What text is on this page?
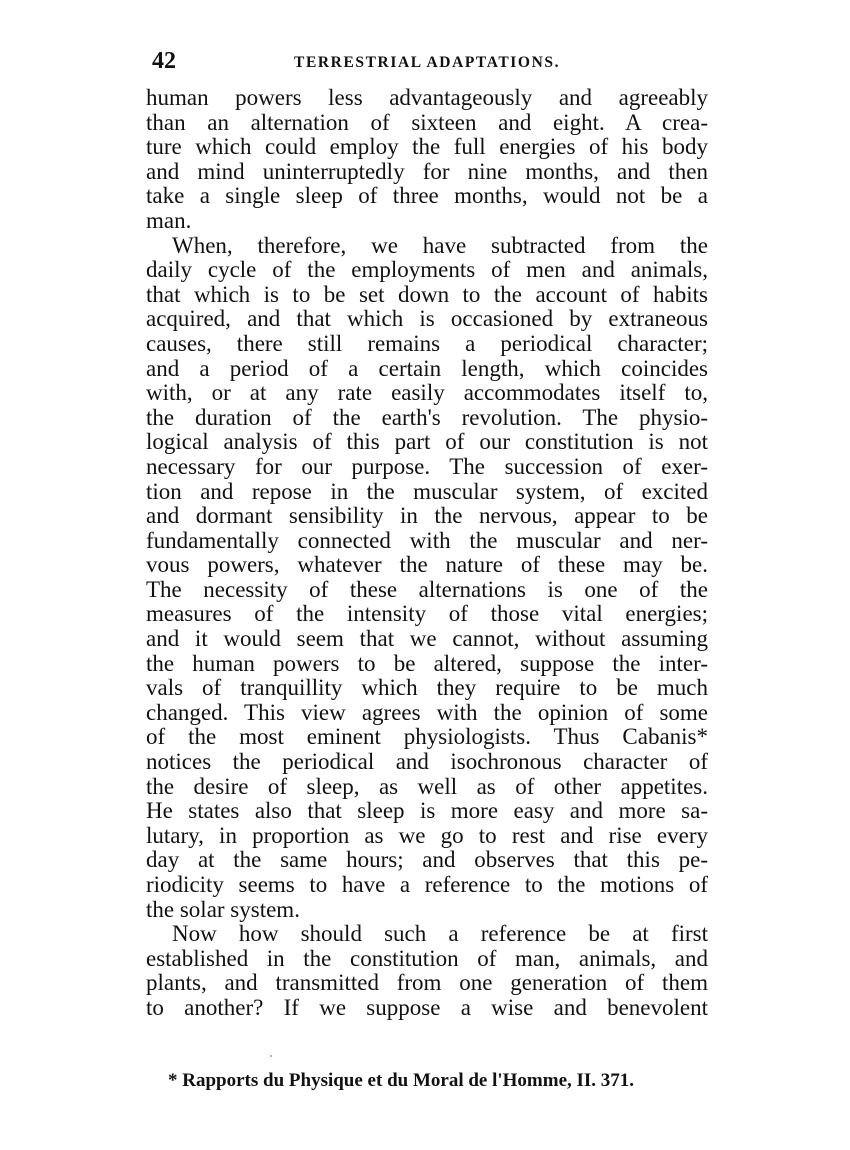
42	TERRESTRIAL ADAPTATIONS.
human powers less advantageously and agreeably
than an alternation of sixteen and eight. A crea-
ture which could employ the full energies of his body
and mind uninterruptedly for nine months, and then
take a single sleep of three months, would not be a
man.
When, therefore, we have subtracted from the
daily cycle of the employments of men and animals,
that which is to be set down to the account of habits
acquired, and that which is occasioned by extraneous
causes, there still remains a periodical character;
and a period of a certain length, which coincides
with, or at any rate easily accommodates itself to,
the duration of the earth's revolution. The physio-
logical analysis of this part of our constitution is not
necessary for our purpose. The succession of exer-
tion and repose in the muscular system, of excited
and dormant sensibility in the nervous, appear to be
fundamentally connected with the muscular and ner-
vous powers, whatever the nature of these may be.
The necessity of these alternations is one of the
measures of the intensity of those vital energies;
and it would seem that we cannot, without assuming
the human powers to be altered, suppose the inter-
vals of tranquillity which they require to be much
changed. This view agrees with the opinion of some
of the most eminent physiologists. Thus Cabanis*
notices the periodical and isochronous character of
the desire of sleep, as well as of other appetites.
He states also that sleep is more easy and more sa-
lutary, in proportion as we go to rest and rise every
day at the same hours; and observes that this pe-
riodicity seems to have a reference to the motions of
the solar system.
Now how should such a reference be at first
established in the constitution of man, animals, and
plants, and transmitted from one generation of them
to another? If we suppose a wise and benevolent
* Rapports du Physique et du Moral de l'Homme, II. 371.
